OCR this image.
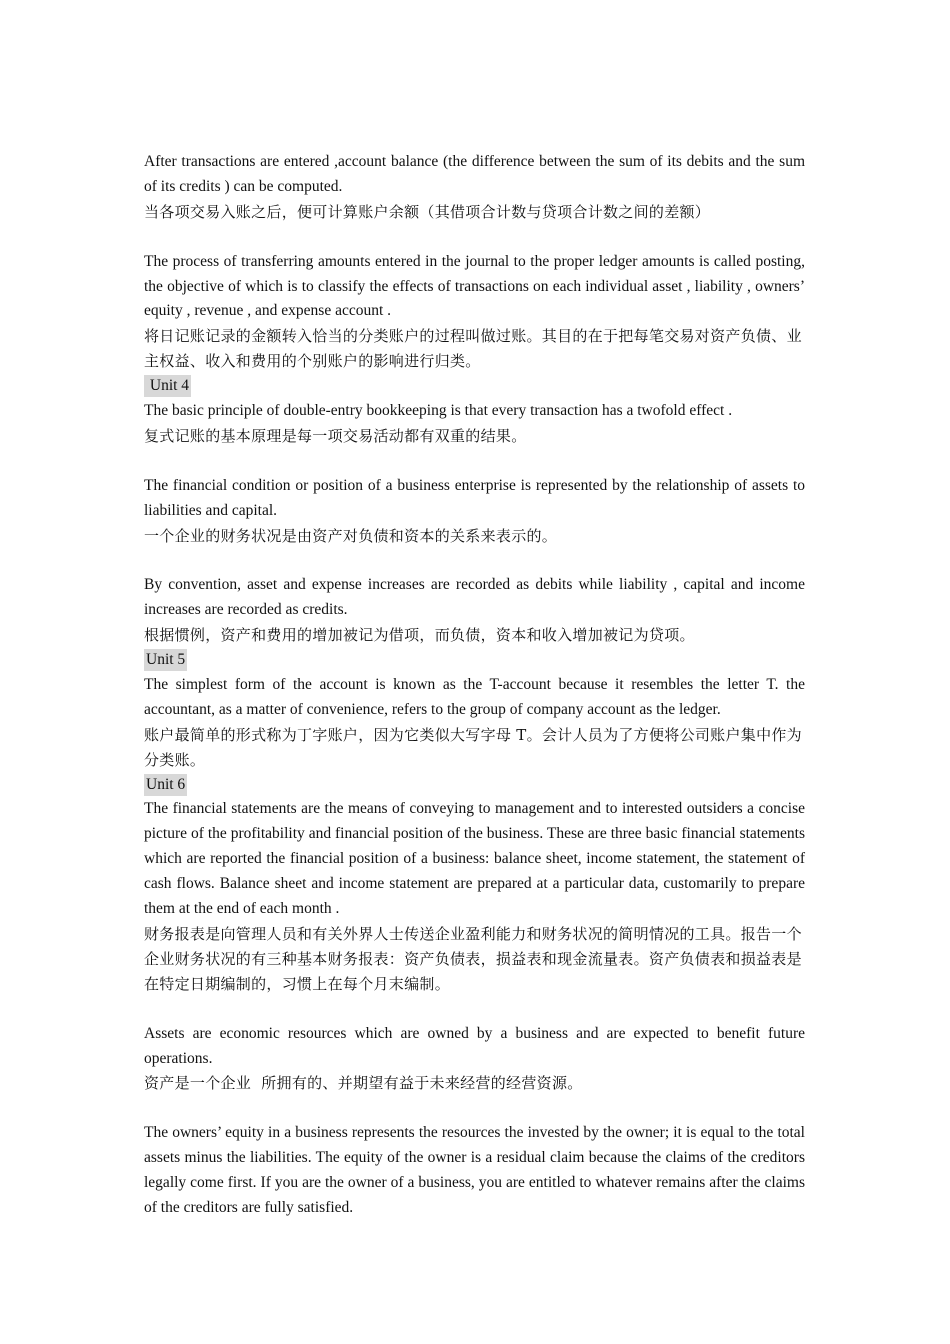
After transactions are entered ,account balance (the difference between the sum of its debits and the sum of its credits ) can be computed.

当各项交易入账之后，便可计算账户余额（其借项合计数与贷项合计数之间的差额）

The process of transferring amounts entered in the journal to the proper ledger amounts is called posting, the objective of which is to classify the effects of transactions on each individual asset , liability , owners’ equity , revenue , and expense account .

将日记账记录的金额转入恰当的分类账户的过程叫做过账。其目的在于把每笔交易对资产负债、业主权益、收入和费用的个别账户的影响进行归类。

Unit 4

The basic principle of double-entry bookkeeping is that every transaction has a twofold effect .

复式记账的基本原理是每一项交易活动都有双重的结果。

The financial condition or position of a business enterprise is represented by the relationship of assets to liabilities and capital.

一个企业的财务状况是由资产对负债和资本的关系来表示的。

By convention, asset and expense increases are recorded as debits while liability , capital and income increases are recorded as credits.

根据惯例，资产和费用的增加被记为借项，而负债，资本和收入增加被记为贷项。

Unit 5

The simplest form of the account is known as the T-account because it resembles the letter T. the accountant, as a matter of convenience, refers to the group of company account as the ledger.

账户最简单的形式称为丁字账户，因为它类似大写字母 T。会计人员为了方便将公司账户集中作为分类账。

Unit 6

The financial statements are the means of conveying to management and to interested outsiders a concise picture of the profitability and financial position of the business. These are three basic financial statements which are reported the financial position of a business: balance sheet, income statement, the statement of cash flows. Balance sheet and income statement are prepared at a particular data, customarily to prepare them at the end of each month .

财务报表是向管理人员和有关外界人士传送企业盈利能力和财务状况的简明情况的工具。报告一个企业财务状况的有三种基本财务报表：资产负债表，损益表和现金流量表。资产负债表和损益表是在特定日期编制的，习惯上在每个月末编制。

Assets are economic resources which are owned by a business and are expected to benefit future operations.

资产是一个企业  所拥有的、并期望有益于未来经营的经营资源。

The owners’ equity in a business represents the resources the invested by the owner; it is equal to the total assets minus the liabilities. The equity of the owner is a residual claim because the claims of the creditors legally come first. If you are the owner of a business, you are entitled to whatever remains after the claims of the creditors are fully satisfied.
